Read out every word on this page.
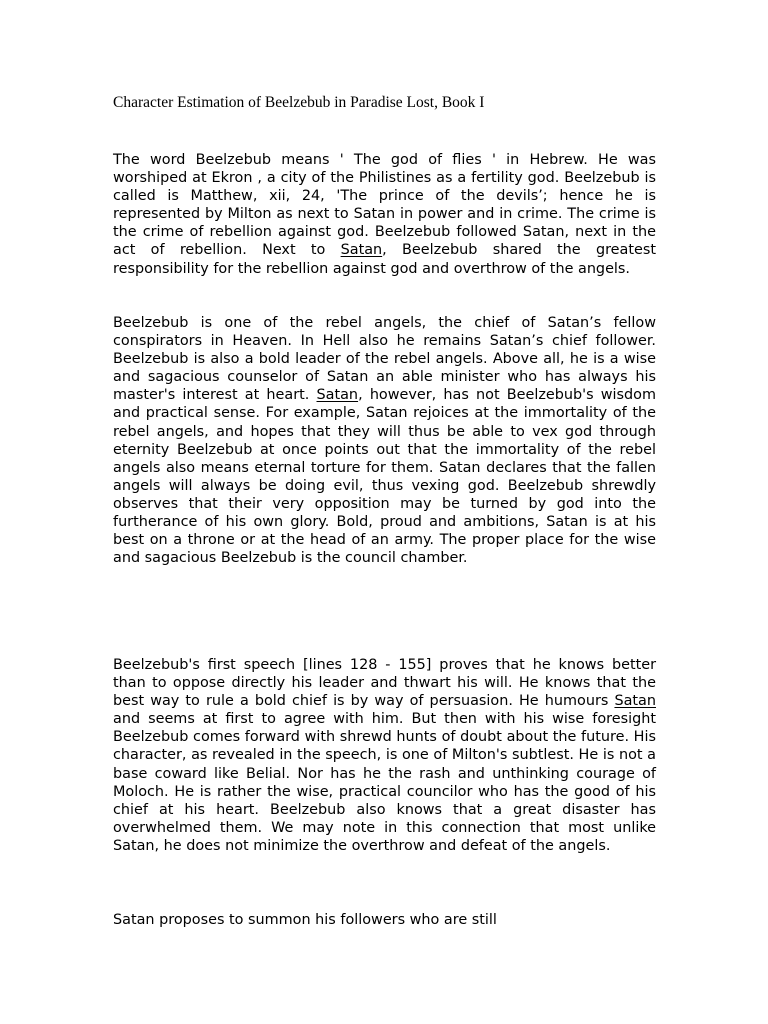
Character Estimation of Beelzebub in Paradise Lost, Book I

The word Beelzebub means ' The god of flies ' in Hebrew. He was worshiped at Ekron , a city of the Philistines as a fertility god. Beelzebub is called is Matthew, xii, 24, 'The prince of the devils’; hence he is represented by Milton as next to Satan in power and in crime. The crime is the crime of rebellion against god. Beelzebub followed Satan, next in the act of rebellion. Next to Satan, Beelzebub shared the greatest responsibility for the rebellion against god and overthrow of the angels.

Beelzebub is one of the rebel angels, the chief of Satan’s fellow conspirators in Heaven. In Hell also he remains Satan’s chief follower. Beelzebub is also a bold leader of the rebel angels. Above all, he is a wise and sagacious counselor of Satan an able minister who has always his master's interest at heart. Satan, however, has not Beelzebub's wisdom and practical sense. For example, Satan rejoices at the immortality of the rebel angels, and hopes that they will thus be able to vex god through eternity Beelzebub at once points out that the immortality of the rebel angels also means eternal torture for them. Satan declares that the fallen angels will always be doing evil, thus vexing god. Beelzebub shrewdly observes that their very opposition may be turned by god into the furtherance of his own glory. Bold, proud and ambitions, Satan is at his best on a throne or at the head of an army. The proper place for the wise and sagacious Beelzebub is the council chamber.

Beelzebub's first speech [lines 128 - 155] proves that he knows better than to oppose directly his leader and thwart his will. He knows that the best way to rule a bold chief is by way of persuasion. He humours Satan and seems at first to agree with him. But then with his wise foresight Beelzebub comes forward with shrewd hunts of doubt about the future. His character, as revealed in the speech, is one of Milton's subtlest. He is not a base coward like Belial. Nor has he the rash and unthinking courage of Moloch. He is rather the wise, practical councilor who has the good of his chief at his heart. Beelzebub also knows that a great disaster has overwhelmed them. We may note in this connection that most unlike Satan, he does not minimize the overthrow and defeat of the angels.

Satan proposes to summon his followers who are still
